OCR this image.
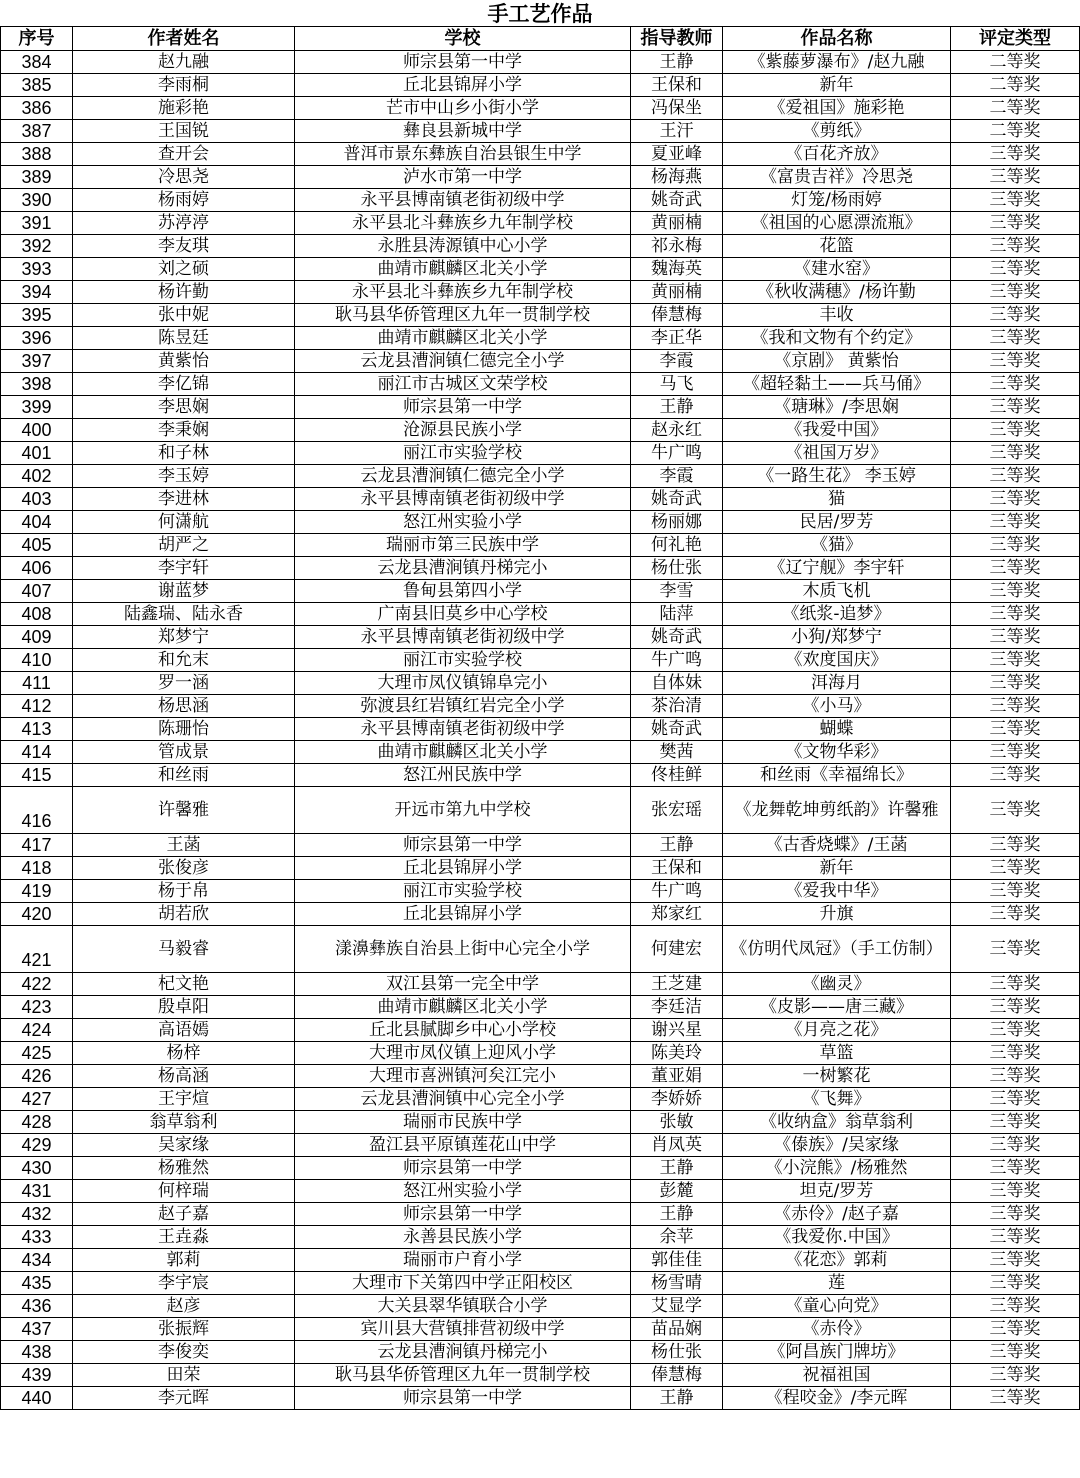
手工艺作品
序号	作者姓名	学校	指导教师	作品名称	评定类型
384	赵九融	师宗县第一中学	王静	《紫藤萝瀑布》/赵九融	二等奖
385	李雨桐	丘北县锦屏小学	王保和	新年	二等奖
386	施彩艳	芒市中山乡小街小学	冯保坐	《爱祖国》施彩艳	二等奖
387	王国锐	彝良县新城中学	王汗	《剪纸》	二等奖
388	查开会	普洱市景东彝族自治县银生中学	夏亚峰	《百花齐放》	三等奖
389	冷思尧	泸水市第一中学	杨海燕	《富贵吉祥》冷思尧	三等奖
390	杨雨婷	永平县博南镇老街初级中学	姚奇武	灯笼/杨雨婷	三等奖
391	苏渟渟	永平县北斗彝族乡九年制学校	黄丽楠	《祖国的心愿漂流瓶》	三等奖
392	李友琪	永胜县涛源镇中心小学	祁永梅	花篮	三等奖
393	刘之硕	曲靖市麒麟区北关小学	魏海英	《建水窑》	三等奖
394	杨许勤	永平县北斗彝族乡九年制学校	黄丽楠	《秋收满穗》/杨许勤	三等奖
395	张中妮	耿马县华侨管理区九年一贯制学校	俸慧梅	丰收	三等奖
396	陈昱廷	曲靖市麒麟区北关小学	李正华	《我和文物有个约定》	三等奖
397	黄紫怡	云龙县漕涧镇仁德完全小学	李霞	《京剧》 黄紫怡	三等奖
398	李亿锦	丽江市古城区文荣学校	马飞	《超轻黏土——兵马俑》	三等奖
399	李思娴	师宗县第一中学	王静	《瑭琳》/李思娴	三等奖
400	李秉娴	沧源县民族小学	赵永红	《我爱中国》	三等奖
401	和子林	丽江市实验学校	牛广鸣	《祖国万岁》	三等奖
402	李玉婷	云龙县漕涧镇仁德完全小学	李霞	《一路生花》 李玉婷	三等奖
403	李进林	永平县博南镇老街初级中学	姚奇武	猫	三等奖
404	何潇航	怒江州实验小学	杨丽娜	民居/罗芳	三等奖
405	胡严之	瑞丽市第三民族中学	何礼艳	《猫》	三等奖
406	李宇轩	云龙县漕涧镇丹梯完小	杨仕张	《辽宁舰》李宇轩	三等奖
407	谢蓝梦	鲁甸县第四小学	李雪	木质飞机	三等奖
408	陆鑫瑞、陆永香	广南县旧莫乡中心学校	陆萍	《纸浆-追梦》	三等奖
409	郑梦宁	永平县博南镇老街初级中学	姚奇武	小狗/郑梦宁	三等奖
410	和允末	丽江市实验学校	牛广鸣	《欢度国庆》	三等奖
411	罗一涵	大理市凤仪镇锦阜完小	自体妹	洱海月	三等奖
412	杨思涵	弥渡县红岩镇红岩完全小学	茶治清	《小马》	三等奖
413	陈珊怡	永平县博南镇老街初级中学	姚奇武	蝴蝶	三等奖
414	管成景	曲靖市麒麟区北关小学	樊茜	《文物华彩》	三等奖
415	和丝雨	怒江州民族中学	佟桂鲜	和丝雨《幸福绵长》	三等奖
416	许馨雅	开远市第九中学校	张宏瑶	《龙舞乾坤剪纸韵》许馨雅	三等奖
417	王菡	师宗县第一中学	王静	《古香烧蝶》/王菡	三等奖
418	张俊彦	丘北县锦屏小学	王保和	新年	三等奖
419	杨于帛	丽江市实验学校	牛广鸣	《爱我中华》	三等奖
420	胡若欣	丘北县锦屏小学	郑家红	升旗	三等奖
421	马毅睿	漾濞彝族自治县上街中心完全小学	何建宏	《仿明代凤冠》（手工仿制）	三等奖
422	杞文艳	双江县第一完全中学	王芝建	《幽灵》	三等奖
423	殷卓阳	曲靖市麒麟区北关小学	李廷洁	《皮影——唐三藏》	三等奖
424	高语嫣	丘北县腻脚乡中心小学校	谢兴星	《月亮之花》	三等奖
425	杨梓	大理市凤仪镇上迎风小学	陈美玲	草篮	三等奖
426	杨高涵	大理市喜洲镇河矣江完小	董亚娟	一树繁花	三等奖
427	王宇煊	云龙县漕涧镇中心完全小学	李娇娇	《飞舞》	三等奖
428	翁草翁利	瑞丽市民族中学	张敏	《收纳盒》翁草翁利	三等奖
429	吴家缘	盈江县平原镇莲花山中学	肖凤英	《傣族》/吴家缘	三等奖
430	杨雅然	师宗县第一中学	王静	《小浣熊》/杨雅然	三等奖
431	何梓瑞	怒江州实验小学	彭麓	坦克/罗芳	三等奖
432	赵子嘉	师宗县第一中学	王静	《赤伶》/赵子嘉	三等奖
433	王垚淼	永善县民族小学	余苹	《我爱你.中国》	三等奖
434	郭莉	瑞丽市户育小学	郭佳佳	《花恋》郭莉	三等奖
435	李宇宸	大理市下关第四中学正阳校区	杨雪晴	莲	三等奖
436	赵彦	大关县翠华镇联合小学	艾显学	《童心向党》	三等奖
437	张振辉	宾川县大营镇排营初级中学	苗品娴	《赤伶》	三等奖
438	李俊奕	云龙县漕涧镇丹梯完小	杨仕张	《阿昌族门牌坊》	三等奖
439	田荣	耿马县华侨管理区九年一贯制学校	俸慧梅	祝福祖国	三等奖
440	李元晖	师宗县第一中学	王静	《程咬金》/李元晖	三等奖
